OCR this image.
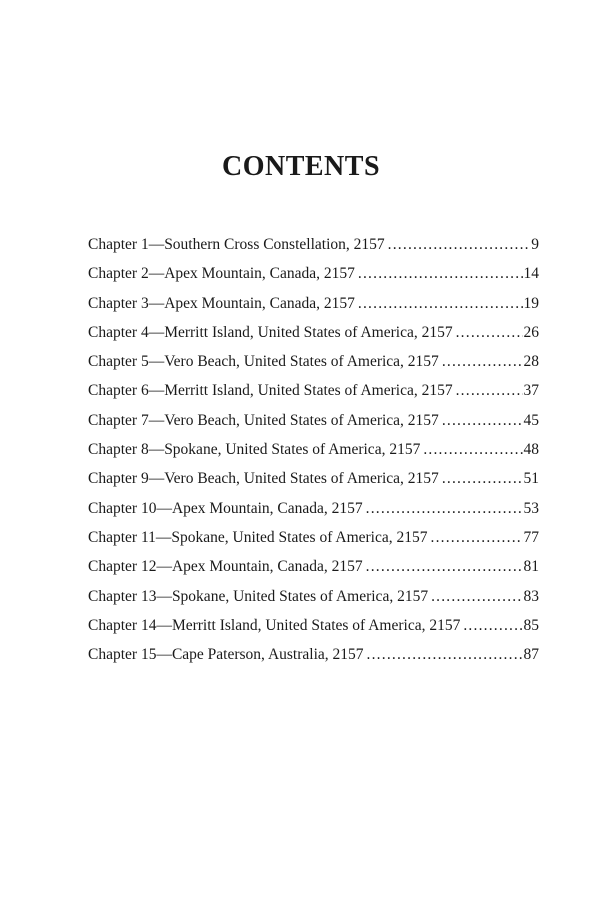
CONTENTS
Chapter 1—Southern Cross Constellation, 2157 .....	9
Chapter 2—Apex Mountain, Canada, 2157 .....	14
Chapter 3—Apex Mountain, Canada, 2157 .....	19
Chapter 4—Merritt Island, United States of America, 2157 .....	26
Chapter 5—Vero Beach, United States of America, 2157 .....	28
Chapter 6—Merritt Island, United States of America, 2157 .....	37
Chapter 7—Vero Beach, United States of America, 2157 .....	45
Chapter 8—Spokane, United States of America, 2157 .....	48
Chapter 9—Vero Beach, United States of America, 2157 .....	51
Chapter 10—Apex Mountain, Canada, 2157 .....	53
Chapter 11—Spokane, United States of America, 2157 .....	77
Chapter 12—Apex Mountain, Canada, 2157 .....	81
Chapter 13—Spokane, United States of America, 2157 .....	83
Chapter 14—Merritt Island, United States of America, 2157 .....	85
Chapter 15—Cape Paterson, Australia, 2157 .....	87
